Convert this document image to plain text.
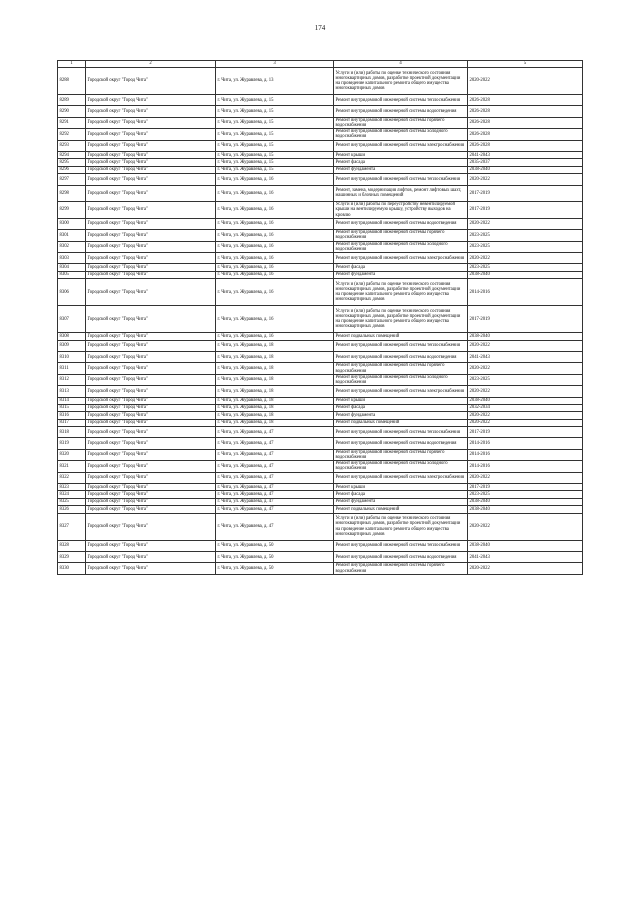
174
1	2	3	4	5
8288	Городской округ "Город Чита"	г. Чита, ул. Журавлева, д. 13	Услуги и (или) работы по оценке технического состояния многоквартирных домов, разработке проектной документации на проведение капитального ремонта общего имущества многоквартирных домов	2020-2022
8289	Городской округ "Город Чита"	г. Чита, ул. Журавлева, д. 15	Ремонт внутридомовой инженерной системы теплоснабжения	2026-2028
8290	Городской округ "Город Чита"	г. Чита, ул. Журавлева, д. 15	Ремонт внутридомовой инженерной системы водоотведения	2026-2028
8291	Городской округ "Город Чита"	г. Чита, ул. Журавлева, д. 15	Ремонт внутридомовой инженерной системы горячего водоснабжения	2026-2028
8292	Городской округ "Город Чита"	г. Чита, ул. Журавлева, д. 15	Ремонт внутридомовой инженерной системы холодного водоснабжения	2026-2028
8293	Городской округ "Город Чита"	г. Чита, ул. Журавлева, д. 15	Ремонт внутридомовой инженерной системы электроснабжения	2026-2028
8294	Городской округ "Город Чита"	г. Чита, ул. Журавлева, д. 15	Ремонт крыши	2041-2043
8295	Городской округ "Город Чита"	г. Чита, ул. Журавлева, д. 15	Ремонт фасада	2035-2037
8296	Городской округ "Город Чита"	г. Чита, ул. Журавлева, д. 15	Ремонт фундамента	2038-2040
8297	Городской округ "Город Чита"	г. Чита, ул. Журавлева, д. 16	Ремонт внутридомовой инженерной системы теплоснабжения	2020-2022
8298	Городской округ "Город Чита"	г. Чита, ул. Журавлева, д. 16	Ремонт, замена, модернизация лифтов, ремонт лифтовых шахт, машинных и блочных помещений	2017-2019
8299	Городской округ "Город Чита"	г. Чита, ул. Журавлева, д. 16	Услуги и (или) работы по переустройству невентилируемой крыши на вентилируемую крышу, устройству выходов на кровлю	2017-2019
8300	Городской округ "Город Чита"	г. Чита, ул. Журавлева, д. 16	Ремонт внутридомовой инженерной системы водоотведения	2020-2022
8301	Городской округ "Город Чита"	г. Чита, ул. Журавлева, д. 16	Ремонт внутридомовой инженерной системы горячего водоснабжения	2023-2025
8302	Городской округ "Город Чита"	г. Чита, ул. Журавлева, д. 16	Ремонт внутридомовой инженерной системы холодного водоснабжения	2023-2025
8303	Городской округ "Город Чита"	г. Чита, ул. Журавлева, д. 16	Ремонт внутридомовой инженерной системы электроснабжения	2020-2022
8304	Городской округ "Город Чита"	г. Чита, ул. Журавлева, д. 16	Ремонт фасада	2023-2025
8305	Городской округ "Город Чита"	г. Чита, ул. Журавлева, д. 16	Ремонт фундамента	2038-2040
8306	Городской округ "Город Чита"	г. Чита, ул. Журавлева, д. 16	Услуги и (или) работы по оценке технического состояния многоквартирных домов, разработке проектной документации на проведение капитального ремонта общего имущества многоквартирных домов	2014-2016
8307	Городской округ "Город Чита"	г. Чита, ул. Журавлева, д. 16	Услуги и (или) работы по оценке технического состояния многоквартирных домов, разработке проектной документации на проведение капитального ремонта общего имущества многоквартирных домов	2017-2019
8308	Городской округ "Город Чита"	г. Чита, ул. Журавлева, д. 16	Ремонт подвальных помещений	2038-2040
8309	Городской округ "Город Чита"	г. Чита, ул. Журавлева, д. 18	Ремонт внутридомовой инженерной системы теплоснабжения	2020-2022
8310	Городской округ "Город Чита"	г. Чита, ул. Журавлева, д. 18	Ремонт внутридомовой инженерной системы водоотведения	2041-2043
8311	Городской округ "Город Чита"	г. Чита, ул. Журавлева, д. 18	Ремонт внутридомовой инженерной системы горячего водоснабжения	2020-2022
8312	Городской округ "Город Чита"	г. Чита, ул. Журавлева, д. 18	Ремонт внутридомовой инженерной системы холодного водоснабжения	2023-2025
8313	Городской округ "Город Чита"	г. Чита, ул. Журавлева, д. 18	Ремонт внутридомовой инженерной системы электроснабжения	2020-2022
8314	Городской округ "Город Чита"	г. Чита, ул. Журавлева, д. 18	Ремонт крыши	2038-2040
8315	Городской округ "Город Чита"	г. Чита, ул. Журавлева, д. 18	Ремонт фасада	2032-2034
8316	Городской округ "Город Чита"	г. Чита, ул. Журавлева, д. 18	Ремонт фундамента	2020-2022
8317	Городской округ "Город Чита"	г. Чита, ул. Журавлева, д. 18	Ремонт подвальных помещений	2020-2022
8318	Городской округ "Город Чита"	г. Чита, ул. Журавлева, д. 47	Ремонт внутридомовой инженерной системы теплоснабжения	2017-2019
8319	Городской округ "Город Чита"	г. Чита, ул. Журавлева, д. 47	Ремонт внутридомовой инженерной системы водоотведения	2014-2016
8320	Городской округ "Город Чита"	г. Чита, ул. Журавлева, д. 47	Ремонт внутридомовой инженерной системы горячего водоснабжения	2014-2016
8321	Городской округ "Город Чита"	г. Чита, ул. Журавлева, д. 47	Ремонт внутридомовой инженерной системы холодного водоснабжения	2014-2016
8322	Городской округ "Город Чита"	г. Чита, ул. Журавлева, д. 47	Ремонт внутридомовой инженерной системы электроснабжения	2020-2022
8323	Городской округ "Город Чита"	г. Чита, ул. Журавлева, д. 47	Ремонт крыши	2017-2019
8324	Городской округ "Город Чита"	г. Чита, ул. Журавлева, д. 47	Ремонт фасада	2023-2025
8325	Городской округ "Город Чита"	г. Чита, ул. Журавлева, д. 47	Ремонт фундамента	2038-2040
8326	Городской округ "Город Чита"	г. Чита, ул. Журавлева, д. 47	Ремонт подвальных помещений	2038-2040
8327	Городской округ "Город Чита"	г. Чита, ул. Журавлева, д. 47	Услуги и (или) работы по оценке технического состояния многоквартирных домов, разработке проектной документации на проведение капитального ремонта общего имущества многоквартирных домов	2020-2022
8328	Городской округ "Город Чита"	г. Чита, ул. Журавлева, д. 50	Ремонт внутридомовой инженерной системы теплоснабжения	2038-2040
8329	Городской округ "Город Чита"	г. Чита, ул. Журавлева, д. 50	Ремонт внутридомовой инженерной системы водоотведения	2041-2043
8330	Городской округ "Город Чита"	г. Чита, ул. Журавлева, д. 50	Ремонт внутридомовой инженерной системы горячего водоснабжения	2020-2022
